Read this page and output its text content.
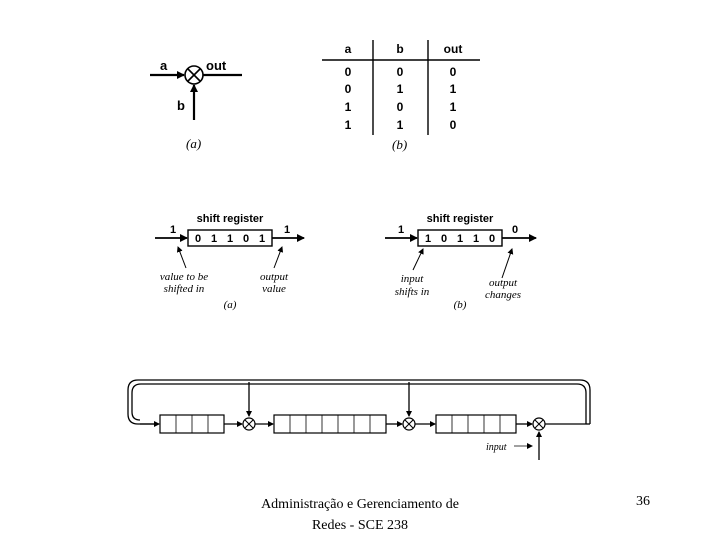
a	out
b
(a)
a	b	out
0	0	0
0	1	1
1	0	1
1	1	0
(b)
shift register
1
0 1 1 0 1
1
value to be
shifted in
output
value
(a)
shift register
1
1 0 1 1 0
0
input
shifts in
output
changes
(b)
input
Administração e Gerenciamento de
Redes - SCE 238
36
